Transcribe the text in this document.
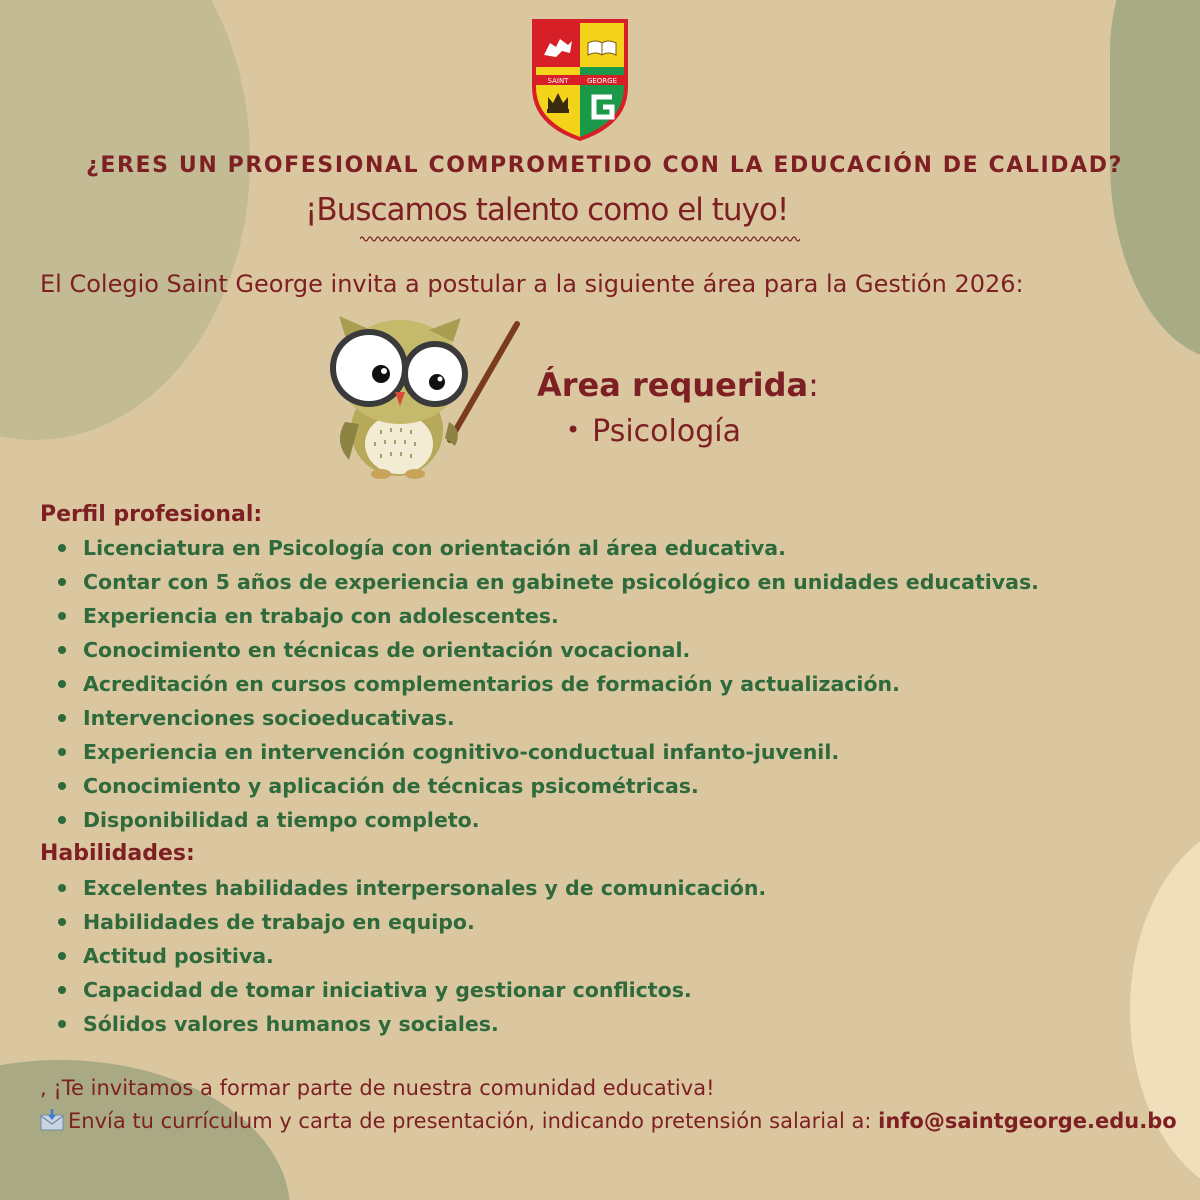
SAINT	GEORGE
¿ERES UN PROFESIONAL COMPROMETIDO CON LA EDUCACIÓN DE CALIDAD?
¡Buscamos talento como el tuyo!
El Colegio Saint George invita a postular a la siguiente área para la Gestión 2026:
Área requerida:
• Psicología
Perfil profesional:
Licenciatura en Psicología con orientación al área educativa.
Contar con 5 años de experiencia en gabinete psicológico en unidades educativas.
Experiencia en trabajo con adolescentes.
Conocimiento en técnicas de orientación vocacional.
Acreditación en cursos complementarios de formación y actualización.
Intervenciones socioeducativas.
Experiencia en intervención cognitivo-conductual infanto-juvenil.
Conocimiento y aplicación de técnicas psicométricas.
Disponibilidad a tiempo completo.
Habilidades:
Excelentes habilidades interpersonales y de comunicación.
Habilidades de trabajo en equipo.
Actitud positiva.
Capacidad de tomar iniciativa y gestionar conflictos.
Sólidos valores humanos y sociales.
, ¡Te invitamos a formar parte de nuestra comunidad educativa!
Envía tu currículum y carta de presentación, indicando pretensión salarial a: info@saintgeorge.edu.bo
